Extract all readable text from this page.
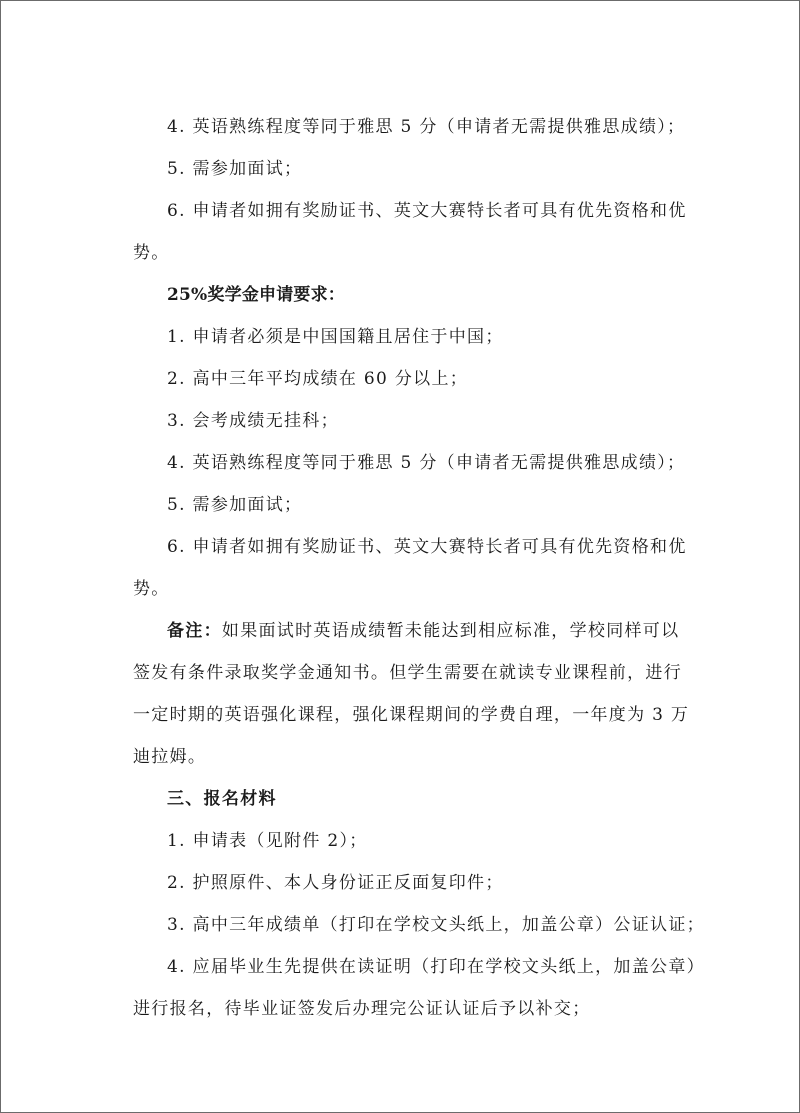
4. 英语熟练程度等同于雅思 5 分（申请者无需提供雅思成绩）；
5. 需参加面试；
6. 申请者如拥有奖励证书、英文大赛特长者可具有优先资格和优
势。
25%奖学金申请要求：
1. 申请者必须是中国国籍且居住于中国；
2. 高中三年平均成绩在 60 分以上；
3. 会考成绩无挂科；
4. 英语熟练程度等同于雅思 5 分（申请者无需提供雅思成绩）；
5. 需参加面试；
6. 申请者如拥有奖励证书、英文大赛特长者可具有优先资格和优
势。
备注：如果面试时英语成绩暂未能达到相应标准，学校同样可以
签发有条件录取奖学金通知书。但学生需要在就读专业课程前，进行
一定时期的英语强化课程，强化课程期间的学费自理，一年度为 3 万
迪拉姆。
三、报名材料
1. 申请表（见附件 2）；
2. 护照原件、本人身份证正反面复印件；
3. 高中三年成绩单（打印在学校文头纸上，加盖公章）公证认证；
4. 应届毕业生先提供在读证明（打印在学校文头纸上，加盖公章）
进行报名，待毕业证签发后办理完公证认证后予以补交；
